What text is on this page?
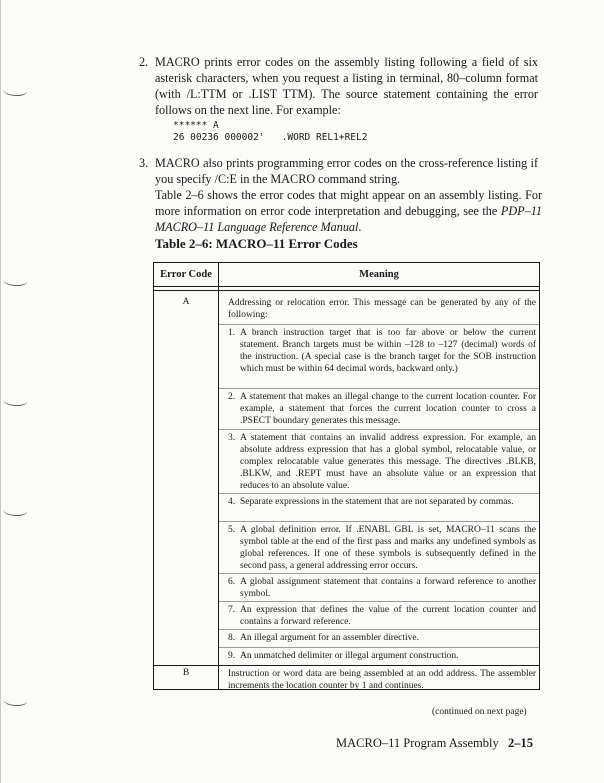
2. MACRO prints error codes on the assembly listing following a field of six asterisk characters, when you request a listing in terminal, 80–column format (with /L:TTM or .LIST TTM). The source statement containing the error follows on the next line. For example:
****** A
26 00236 000002'   .WORD REL1+REL2
3. MACRO also prints programming error codes on the cross-reference listing if you specify /C:E in the MACRO command string.
Table 2–6 shows the error codes that might appear on an assembly listing. For more information on error code interpretation and debugging, see the PDP–11 MACRO–11 Language Reference Manual.
Table 2–6: MACRO–11 Error Codes
Error Code	Meaning
A	Addressing or relocation error. This message can be generated by any of the following:
1. A branch instruction target that is too far above or below the current statement. Branch targets must be within –128 to –127 (decimal) words of the instruction. (A special case is the branch target for the SOB instruction which must be within 64 decimal words, backward only.)
2. A statement that makes an illegal change to the current location counter. For example, a statement that forces the current location counter to cross a .PSECT boundary generates this message.
3. A statement that contains an invalid address expression. For example, an absolute address expression that has a global symbol, relocatable value, or complex relocatable value generates this message. The directives .BLKB, .BLKW, and .REPT must have an absolute value or an expression that reduces to an absolute value.
4. Separate expressions in the statement that are not separated by commas.
5. A global definition error. If .ENABL GBL is set, MACRO–11 scans the symbol table at the end of the first pass and marks any undefined symbols as global references. If one of these symbols is subsequently defined in the second pass, a general addressing error occurs.
6. A global assignment statement that contains a forward reference to another symbol.
7. An expression that defines the value of the current location counter and contains a forward reference.
8. An illegal argument for an assembler directive.
9. An unmatched delimiter or illegal argument construction.
B	Instruction or word data are being assembled at an odd address. The assembler increments the location counter by 1 and continues.
(continued on next page)
MACRO–11 Program Assembly 2–15
